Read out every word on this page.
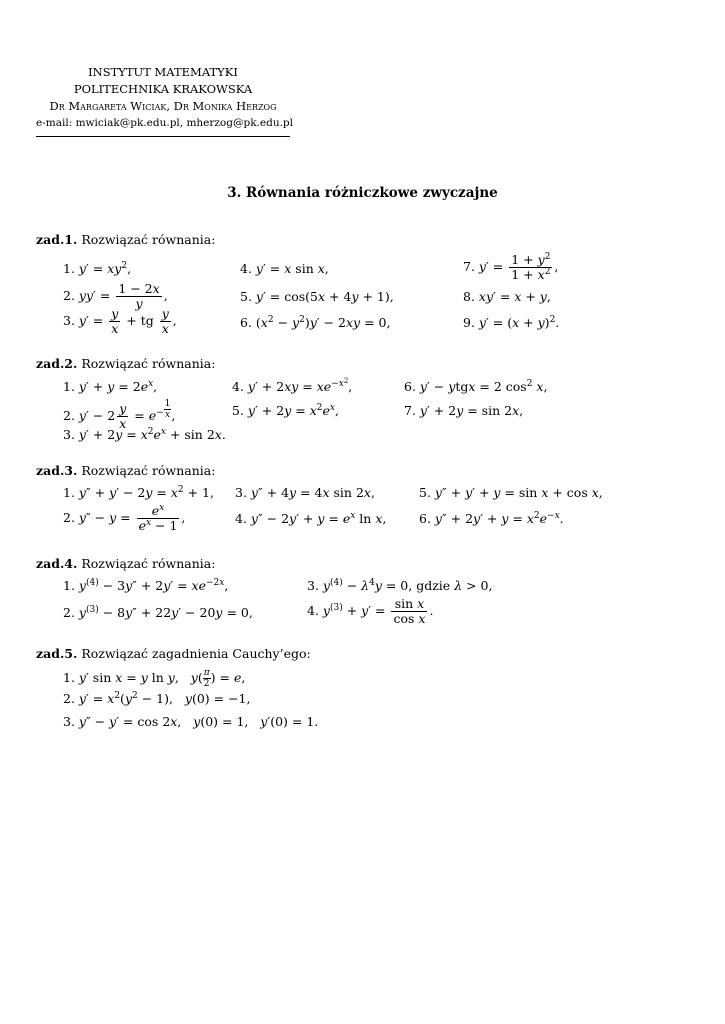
INSTYTUT MATEMATYKI
POLITECHNIKA KRAKOWSKA
Dr Margareta Wiciak, Dr Monika Herzog
e-mail: mwiciak@pk.edu.pl, mherzog@pk.edu.pl
3. Równania różniczkowe zwyczajne
zad.1. Rozwiązać równania:
1. $y' = xy^2$,	4. y′ = x sin x,	7. $y' = \frac{1 + y^2}{1 + x^2}$ ,
2. $yy' = \frac{1 - 2x}{y}$ ,	5. y′ = cos(5x + 4y + 1),	8. xy′ = x + y,
3. $y' = \frac{y}{x}$ + tg $\frac{y}{x}$ ,	6. $(x^2 - y^2)y' - 2xy = 0$,	9. $y' = (x + y)^2$.
zad.2. Rozwiązać równania:
1. $y' + y = 2e^x$,	4. $y' + 2xy = xe^{-x^2}$,	6. y′ − ytgx = 2 $\cos^2 x$,
2. $y' - 2 \frac{y}{x} = e^{- \frac{1}{x}}$ ,	5. $y' + 2y = x^2e^x$,	7. y′ + 2y = sin 2x,
3. $y' + 2y = x^2e^x + \sin 2x$.
zad.3. Rozwiązać równania:
1. $y'' + y' - 2y = x^2 + 1$, 3. y″ + 4y = 4x sin 2x,	5. y″ + y′ + y = sin x + cos x,
2. $y'' - y = \frac{e^x}{e^x - 1}$ ,	4. $y'' - 2y' + y = e^x$ ln x,	6. $y'' + 2y' + y = x^2e^{-x}$.
zad.4. Rozwiązać równania:
1. $y^{(4)} - 3y'' + 2y' = xe^{-2x}$,	3. $y^{(4)} - \lambda^4y = 0$, gdzie λ > 0,
2. $y^{(3)} - 8y'' + 22y' - 20y = 0$,	4. $y^{(3)} + y' = \frac{\text{sin x}}{\text{cos x}}$ .
zad.5. Rozwiązać zagadnienia Cauchy’ego:
1. y′ sin x = y ln y,   $y( \frac{\pi}{2}$ ) = e,
2. $y' = x^2(y^2 - 1)$,   y(0) = −1,
3. y″ − y′ = cos 2x,   y(0) = 1,   y′(0) = 1.
